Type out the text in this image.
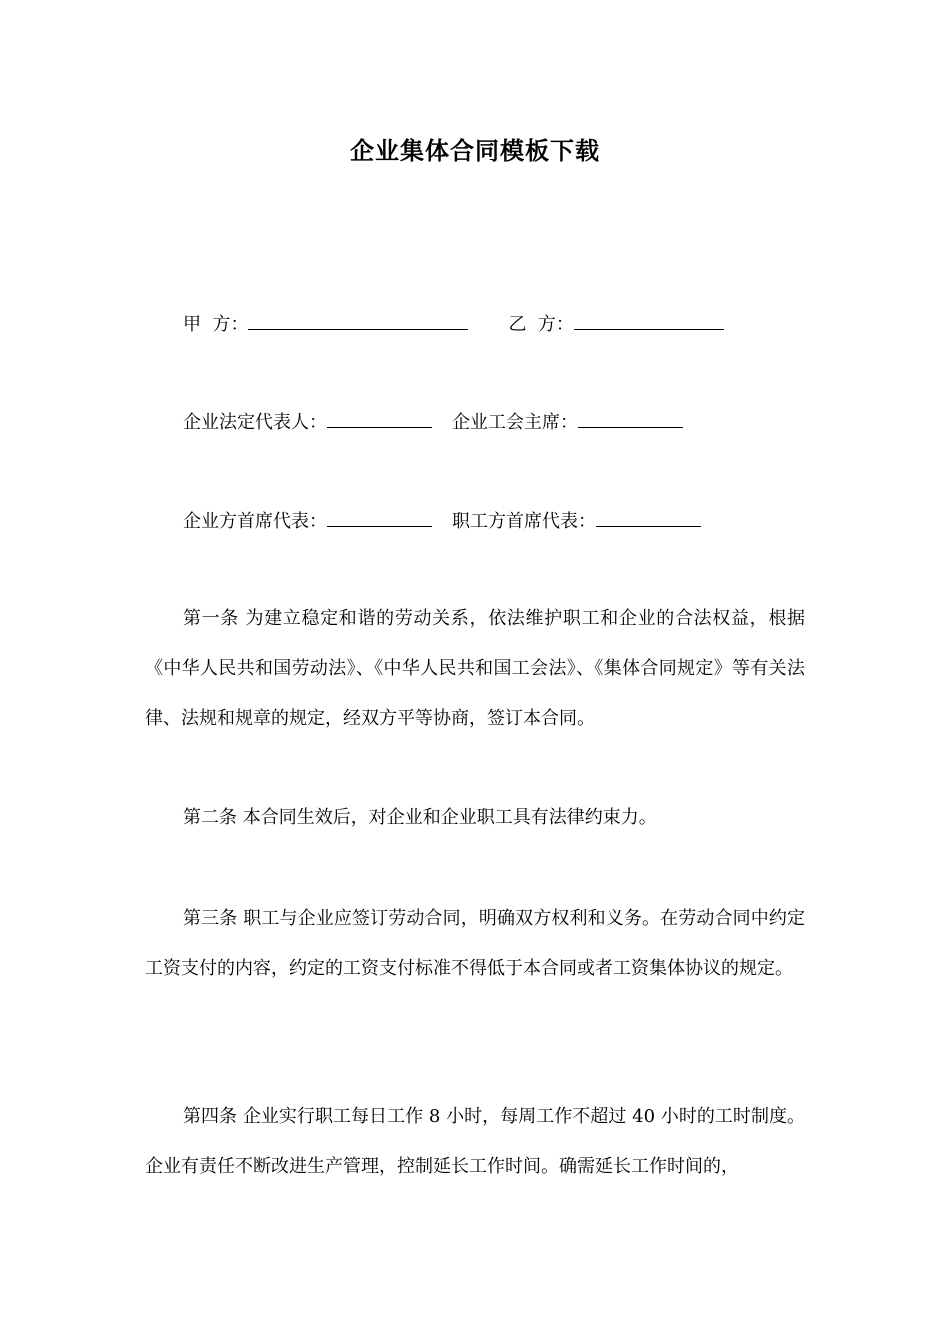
企业集体合同模板下载
甲  方：	乙  方：
企业法定代表人：	企业工会主席：
企业方首席代表：	职工方首席代表：
第一条 为建立稳定和谐的劳动关系，依法维护职工和企业的合法权益，根据《中华人民共和国劳动法》、《中华人民共和国工会法》、《集体合同规定》等有关法律、法规和规章的规定，经双方平等协商，签订本合同。
第二条 本合同生效后，对企业和企业职工具有法律约束力。
第三条 职工与企业应签订劳动合同，明确双方权利和义务。在劳动合同中约定工资支付的内容，约定的工资支付标准不得低于本合同或者工资集体协议的规定。
第四条 企业实行职工每日工作 8 小时，每周工作不超过 40 小时的工时制度。企业有责任不断改进生产管理，控制延长工作时间。确需延长工作时间的，
